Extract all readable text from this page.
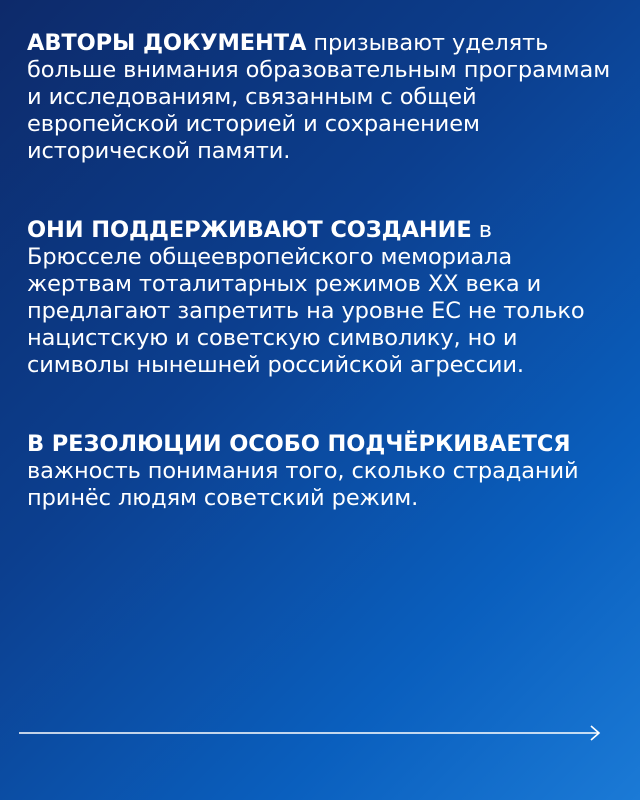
АВТОРЫ ДОКУМЕНТА призывают уделять больше внимания образовательным программам и исследованиям, связанным с общей европейской историей и сохранением исторической памяти.

ОНИ ПОДДЕРЖИВАЮТ СОЗДАНИЕ в Брюсселе общеевропейского мемориала жертвам тоталитарных режимов XX века и предлагают запретить на уровне ЕС не только нацистскую и советскую символику, но и символы нынешней российской агрессии.

В РЕЗОЛЮЦИИ ОСОБО ПОДЧЁРКИВАЕТСЯ важность понимания того, сколько страданий принёс людям советский режим.
